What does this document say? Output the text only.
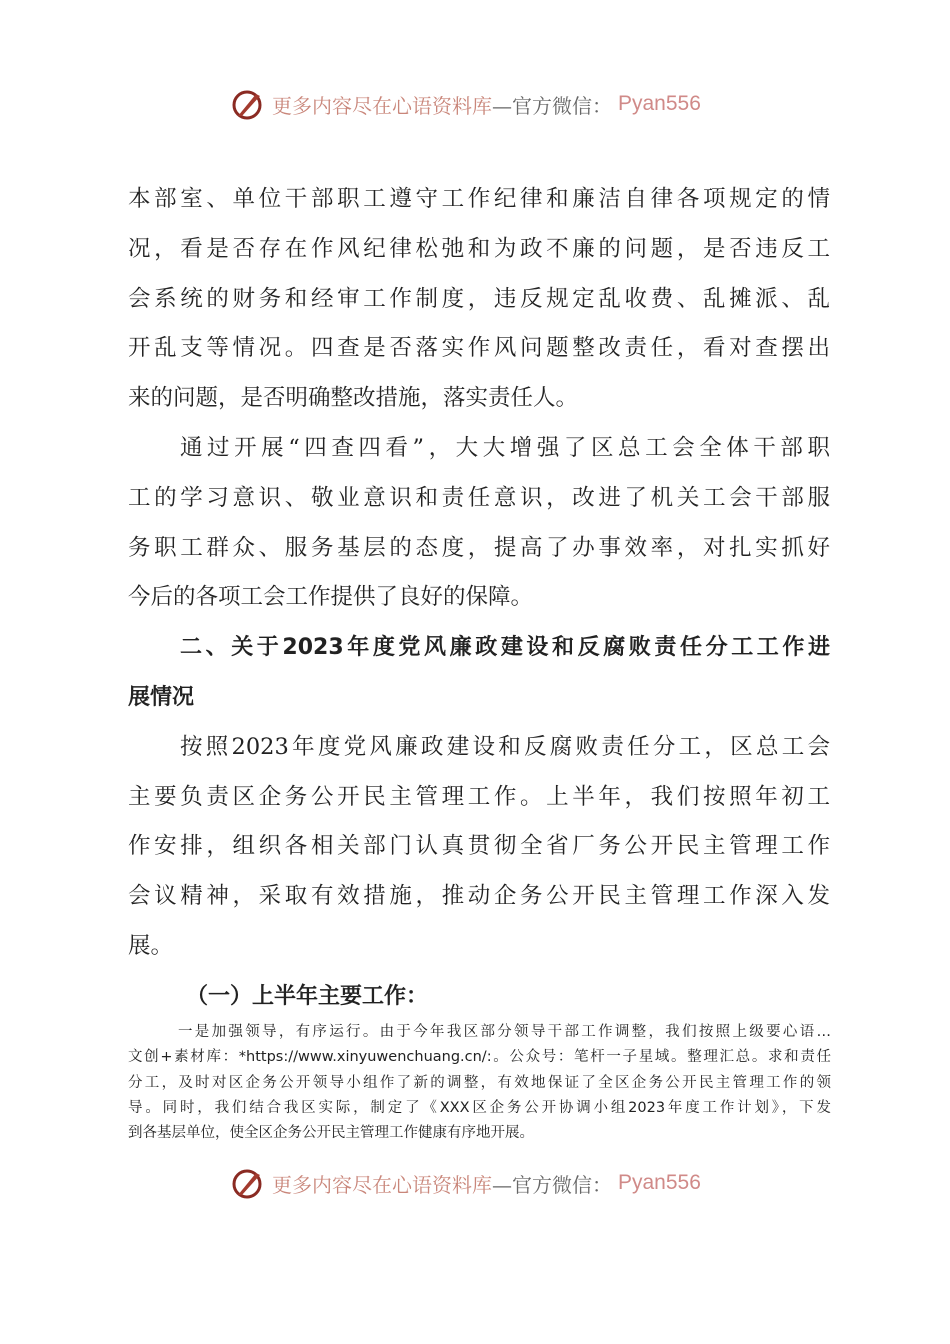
更多内容尽在心语资料库 —官方微信： Pyan556
本部室、单位干部职工遵守工作纪律和廉洁自律各项规定的情
况，看是否存在作风纪律松弛和为政不廉的问题，是否违反工
会系统的财务和经审工作制度，违反规定乱收费、乱摊派、乱
开乱支等情况。四查是否落实作风问题整改责任，看对查摆出
来的问题，是否明确整改措施，落实责任人。
通过开展“四查四看”，大大增强了区总工会全体干部职
工的学习意识、敬业意识和责任意识，改进了机关工会干部服
务职工群众、服务基层的态度，提高了办事效率，对扎实抓好
今后的各项工会工作提供了良好的保障。
二、关于2023年度党风廉政建设和反腐败责任分工工作进
展情况
按照2023年度党风廉政建设和反腐败责任分工，区总工会
主要负责区企务公开民主管理工作。上半年，我们按照年初工
作安排，组织各相关部门认真贯彻全省厂务公开民主管理工作
会议精神，采取有效措施，推动企务公开民主管理工作深入发
展。
（一）上半年主要工作：
一是加强领导，有序运行。由于今年我区部分领导干部工作调整，我们按照上级要心语…
文创+素材库：*https://www.xinyuwenchuang.cn/:。公众号：笔杆一子星域。整理汇总。求和责任
分工，及时对区企务公开领导小组作了新的调整，有效地保证了全区企务公开民主管理工作的领
导。同时，我们结合我区实际，制定了《XXX区企务公开协调小组2023年度工作计划》，下发
到各基层单位，使全区企务公开民主管理工作健康有序地开展。
更多内容尽在心语资料库 —官方微信： Pyan556
